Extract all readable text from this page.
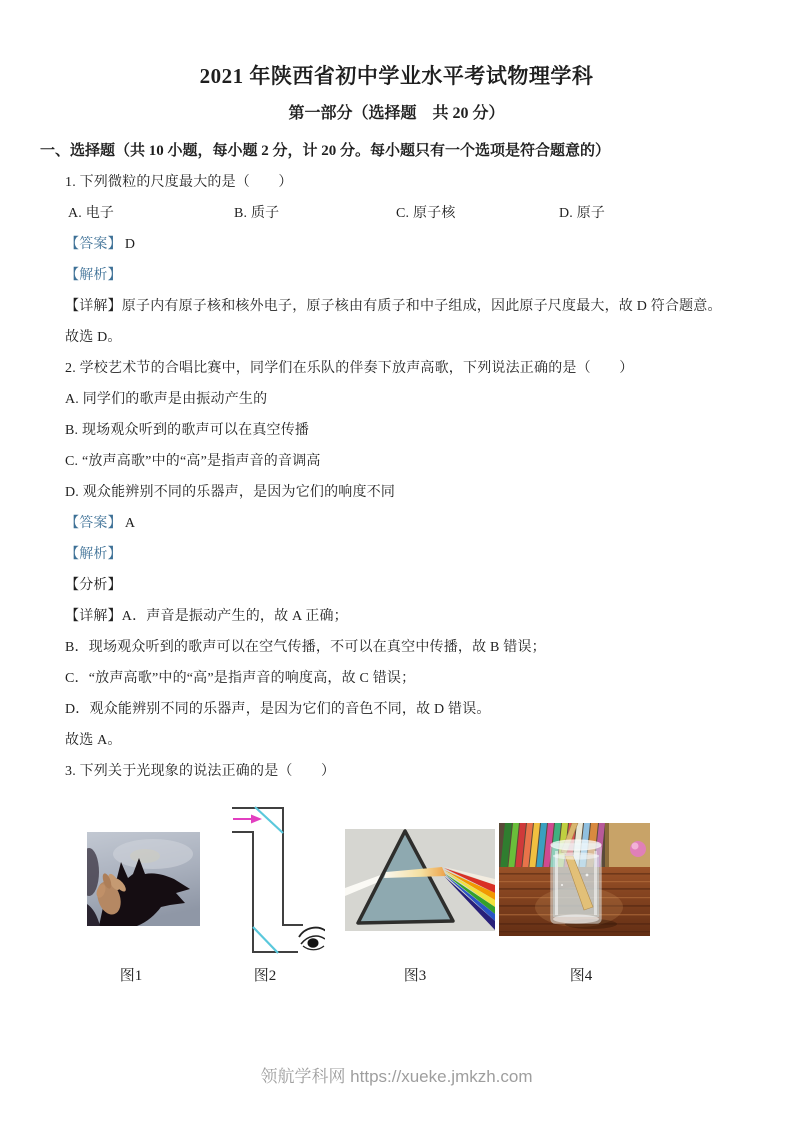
2021 年陕西省初中学业水平考试物理学科
第一部分（选择题　共 20 分）
一、选择题（共 10 小题，每小题 2 分，计 20 分。每小题只有一个选项是符合题意的）

1. 下列微粒的尺度最大的是（　　）

A. 电子	B. 质子	C. 原子核	D. 原子

【答案】 D

【解析】

【详解】原子内有原子核和核外电子，原子核由有质子和中子组成，因此原子尺度最大，故 D 符合题意。

故选 D。

2. 学校艺术节的合唱比赛中，同学们在乐队的伴奏下放声高歌，下列说法正确的是（　　）

A. 同学们的歌声是由振动产生的

B. 现场观众听到的歌声可以在真空传播

C. “放声高歌”中的“高”是指声音的音调高

D. 观众能辨别不同的乐器声，是因为它们的响度不同

【答案】 A

【解析】

【分析】

【详解】A．声音是振动产生的，故 A 正确；

B．现场观众听到的歌声可以在空气传播，不可以在真空中传播，故 B 错误；

C．“放声高歌”中的“高”是指声音的响度高，故 C 错误；

D．观众能辨别不同的乐器声，是因为它们的音色不同，故 D 错误。

故选 A。

3. 下列关于光现象的说法正确的是（　　）

图1	图2	图3	图4
领航学科网 https://xueke.jmkzh.com
